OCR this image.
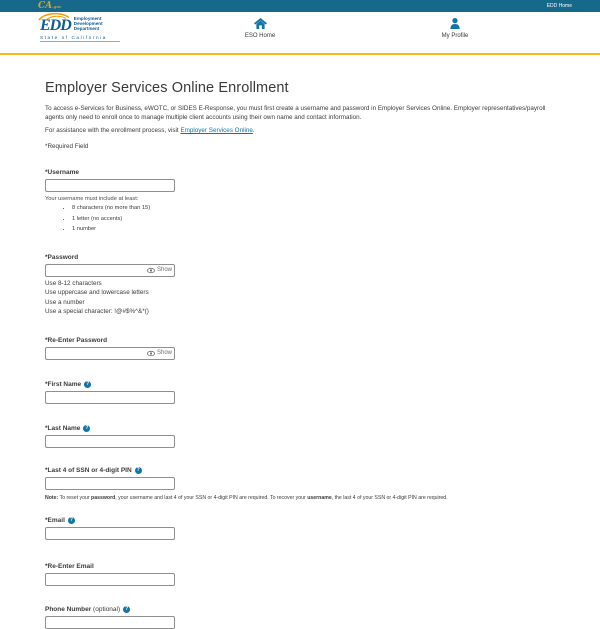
CA.gov	EDD Home
EDD Employment
Development
Department
State of California	ESO Home	My Profile
Employer Services Online Enrollment

To access e-Services for Business, eWOTC, or SIDES E-Response, you must first create a username and password in Employer Services Online. Employer representatives/payroll agents only need to enroll once to manage multiple client accounts using their own name and contact information.

For assistance with the enrollment process, visit Employer Services Online.

*Required Field
*Username
Your username must include at least:
• 8 characters (no more than 15)
• 1 letter (no accents)
• 1 number
*Password
Show
Use 8-12 characters
Use uppercase and lowercase letters
Use a number
Use a special character: !@#$%^&*()
*Re-Enter Password
Show
*First Name ?
*Last Name ?
*Last 4 of SSN or 4-digit PIN ?
Note: To reset your password, your username and last 4 of your SSN or 4-digit PIN are required. To recover your username, the last 4 of your SSN or 4-digit PIN are required.
*Email ?
*Re-Enter Email
Phone Number
(optional) ?
